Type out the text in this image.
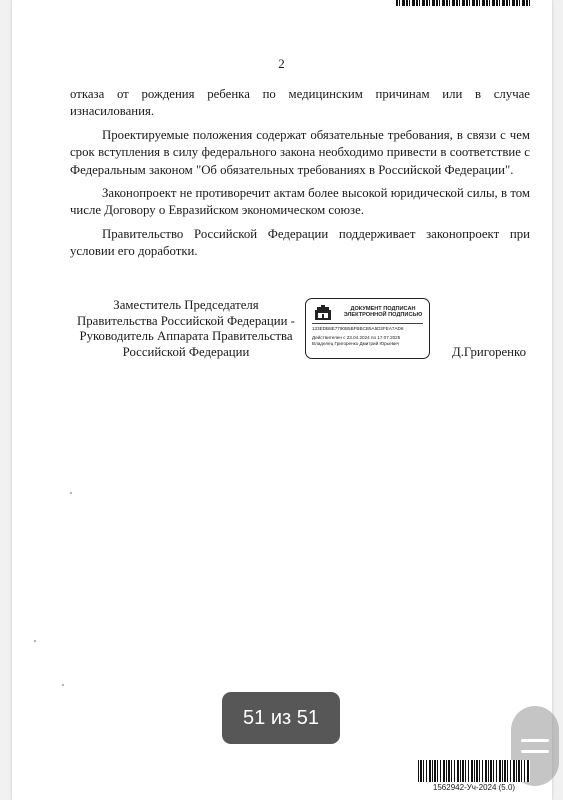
2

отказа от рождения ребенка по медицинским причинам или в случае изнасилования.

Проектируемые положения содержат обязательные требования, в связи с чем срок вступления в силу федерального закона необходимо привести в соответствие с Федеральным законом "Об обязательных требованиях в Российской Федерации".

Законопроект не противоречит актам более высокой юридической силы, в том числе Договору о Евразийском экономическом союзе.

Правительство Российской Федерации поддерживает законопроект при условии его доработки.

Заместитель Председателя
Правительства Российской Федерации -
Руководитель Аппарата Правительства
Российской Федерации
ДОКУМЕНТ ПОДПИСАН ЭЛЕКТРОННОЙ ПОДПИСЬЮ
133EDB8E7790B5BFBBCB5A5D2FEA7AD6
Действителен с 23.04.2024 по 17.07.2025
Владелец Григоренко Дмитрий Юрьевич
Д.Григоренко
51 из 51
1562942-Уч-2024 (5.0)
